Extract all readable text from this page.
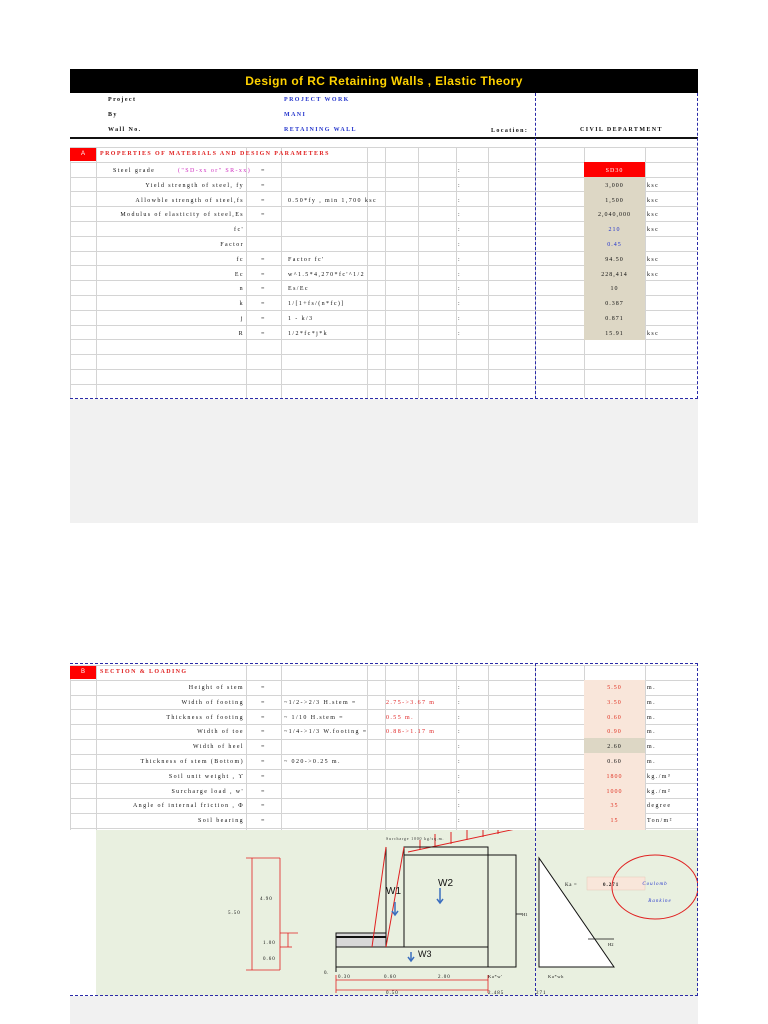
Design of RC Retaining Walls , Elastic Theory
Project	PROJECT WORK
By	MANI
Wall No.	RETAINING WALL	Location:	CIVIL DEPARTMENT
A	PROPERTIES OF MATERIALS AND DESIGN PARAMETERS
Steel grade	("SD-xx or" SR-xx) =	:	SD30
Yield strength of steel, fy	=	:	3,000	ksc
Allowble strength of steel,fs	=	0.50*fy , min 1,700 ksc	:	1,500	ksc
Modulus of elasticity of steel,Es	=	:	2,040,000	ksc
fc'	:	210	ksc
Factor	:	0.45
fc	=	Factor fc'	:	94.50	ksc
Ec	=	w^1.5*4,270*fc'^1/2	:	228,414	ksc
n	=	Es/Ec	:	10
k	=	1/[1+fs/(n*fc)]	:	0.387
j	=	1 - k/3	:	0.871
R	=	1/2*fc*j*k	:	15.91	ksc
B	SECTION & LOADING
Height of stem	=	:	5.50	m.
Width of footing	=	~1/2->2/3 H.stem =	2.75->3.67 m	:	3.50	m.
Thickness of footing	=	~ 1/10 H.stem =	0.55 m.	:	0.60	m.
Width of toe	=	~1/4->1/3 W.footing =	0.88->1.17 m	:	0.90	m.
Width of heel	=	:	2.60	m.
Thickness of stem (Bottom)	=	~ 020->0.25 m.	:	0.60	m.
Soil unit weight , ϒ	=	:	1800	kg./m³
Surcharge load , w'	=	:	1000	kg./m²
Angle of internal friction , Φ	=	:	35	degree
Soil bearing	=	:	15	Ton/m²
Surcharge 1000 kg/sq.m.
W1
W2
W3
5.50
4.90
1.00
0.60
0.
0.30	0.60	2.00
0.50	2.485
Ka*w'	Ka*wh
H1
H2
271
Ka =	0.271	Coulomb
Rankine
